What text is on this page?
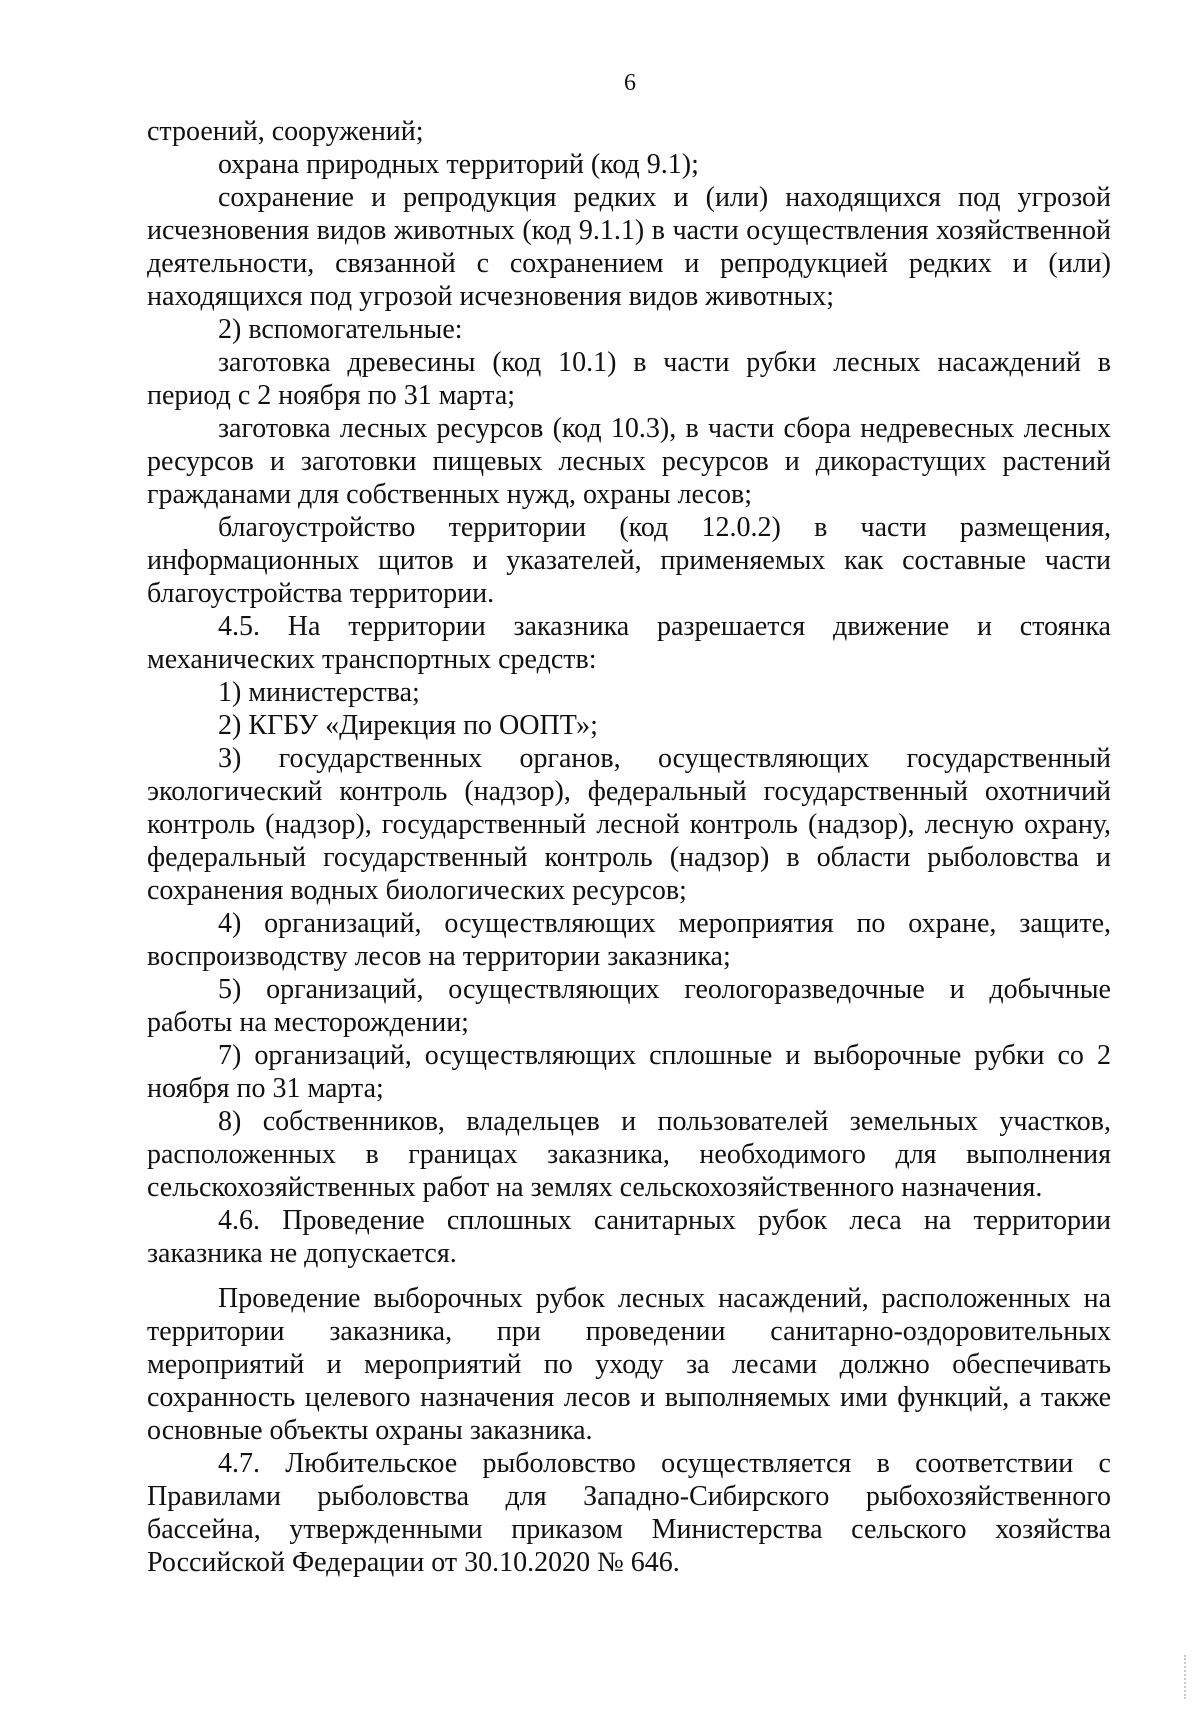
6

строений, сооружений;

охрана природных территорий (код 9.1);

сохранение и репродукция редких и (или) находящихся под угрозой исчезновения видов животных (код 9.1.1) в части осуществления хозяйственной деятельности, связанной с сохранением и репродукцией редких и (или) находящихся под угрозой исчезновения видов животных;

2) вспомогательные:

заготовка древесины (код 10.1) в части рубки лесных насаждений в период с 2 ноября по 31 марта;

заготовка лесных ресурсов (код 10.3), в части сбора недревесных лесных ресурсов и заготовки пищевых лесных ресурсов и дикорастущих растений гражданами для собственных нужд, охраны лесов;

благоустройство территории (код 12.0.2) в части размещения, информационных щитов и указателей, применяемых как составные части благоустройства территории.

4.5. На территории заказника разрешается движение и стоянка механических транспортных средств:

1) министерства;

2) КГБУ «Дирекция по ООПТ»;

3) государственных органов, осуществляющих государственный экологический контроль (надзор), федеральный государственный охотничий контроль (надзор), государственный лесной контроль (надзор), лесную охрану, федеральный государственный контроль (надзор) в области рыболовства и сохранения водных биологических ресурсов;

4) организаций, осуществляющих мероприятия по охране, защите, воспроизводству лесов на территории заказника;

5) организаций, осуществляющих геологоразведочные и добычные работы на месторождении;

7) организаций, осуществляющих сплошные и выборочные рубки со 2 ноября по 31 марта;

8) собственников, владельцев и пользователей земельных участков, расположенных в границах заказника, необходимого для выполнения сельскохозяйственных работ на землях сельскохозяйственного назначения.

4.6. Проведение сплошных санитарных рубок леса на территории заказника не допускается.

Проведение выборочных рубок лесных насаждений, расположенных на территории заказника, при проведении санитарно-оздоровительных мероприятий и мероприятий по уходу за лесами должно обеспечивать сохранность целевого назначения лесов и выполняемых ими функций, а также основные объекты охраны заказника.

4.7. Любительское рыболовство осуществляется в соответствии с Правилами рыболовства для Западно-Сибирского рыбохозяйственного бассейна, утвержденными приказом Министерства сельского хозяйства Российской Федерации от 30.10.2020 № 646.
